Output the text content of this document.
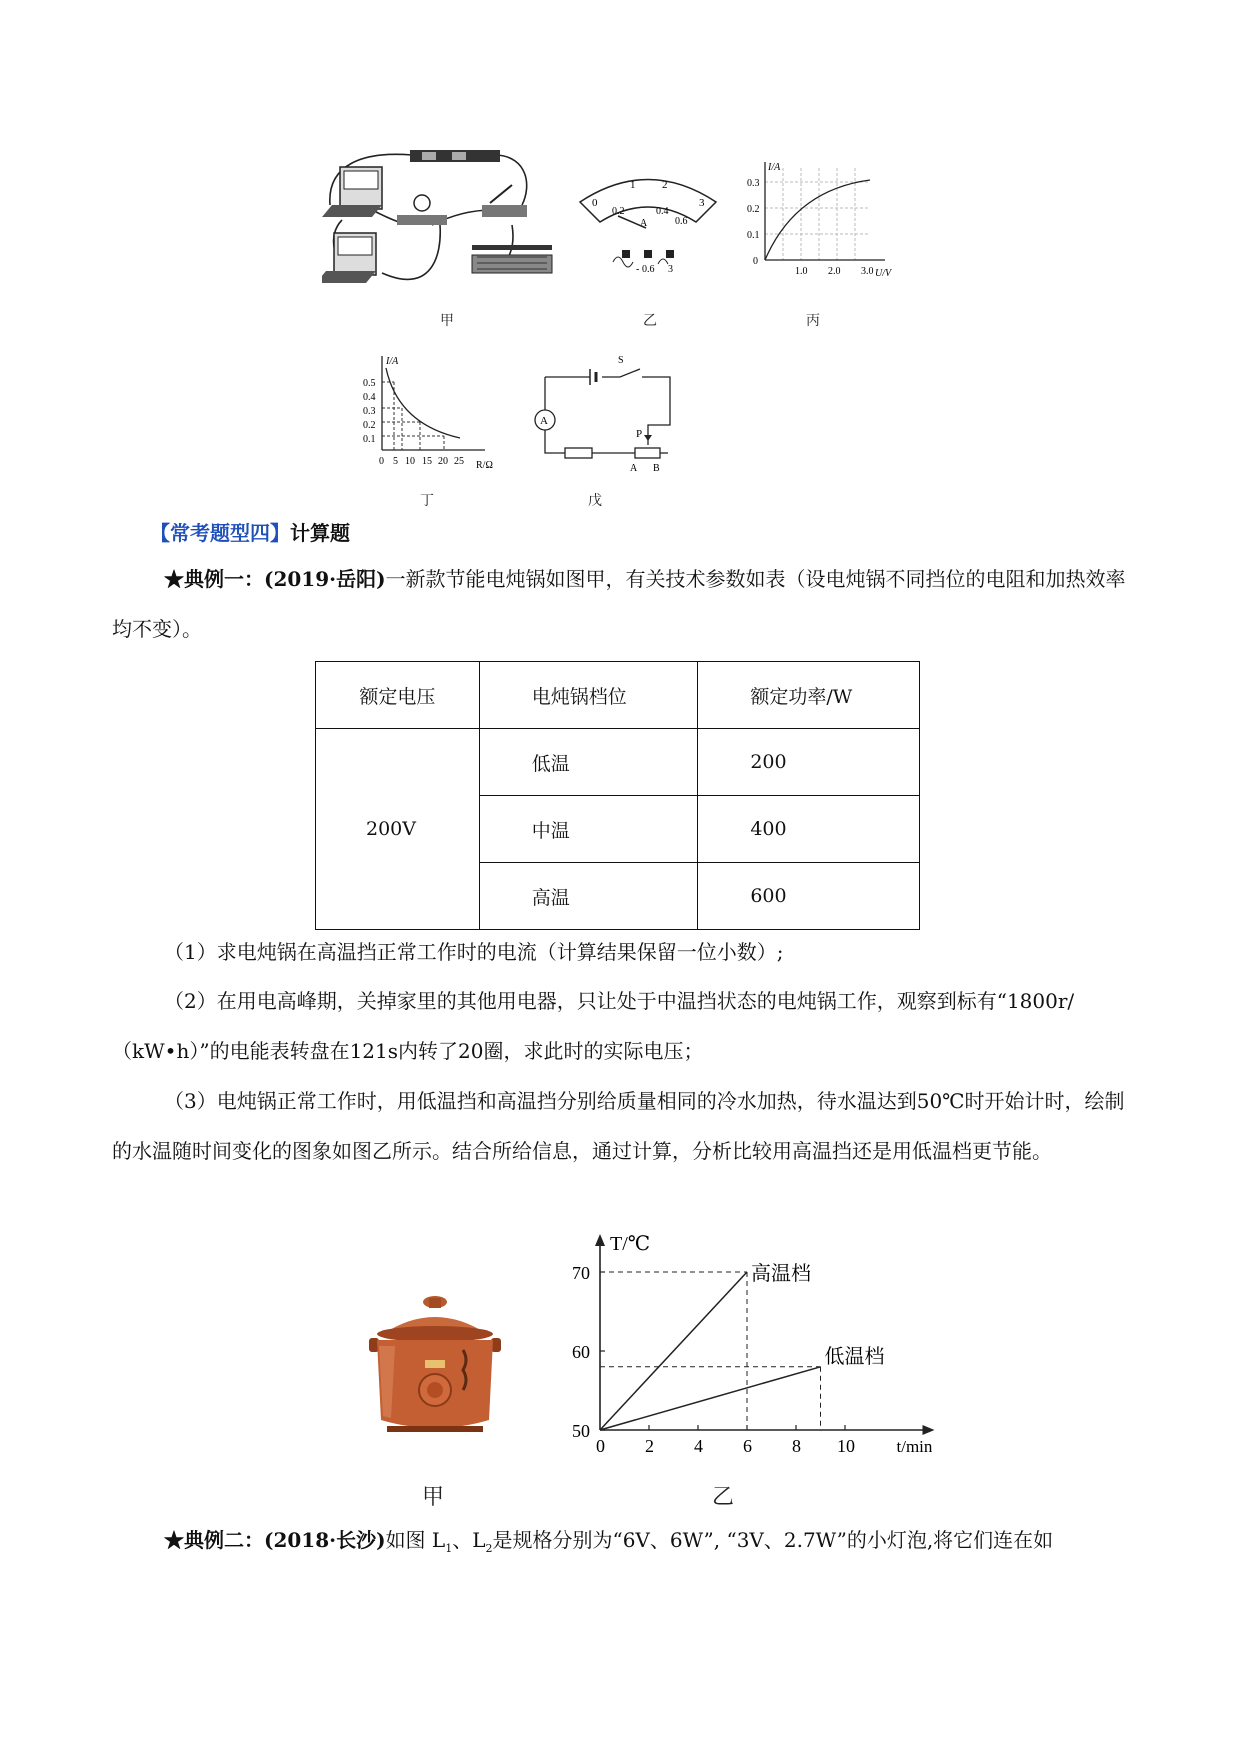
甲
0
1 2
3
0.2	0.4
0.6
A
- 0.6 3
乙
I/A
U/V
0.3
0.2
0.1
0
1.0 2.0 3.0
丙
I/A
R/Ω
0.5
0.4
0.3
0.2
0.1
0 5 10 15 20 25
丁
A
S
P
A B
戊
【常考题型四】计算题
★典例一：(2019·岳阳)一新款节能电炖锅如图甲，有关技术参数如表（设电炖锅不同挡位的电阻和加热效率均不变）。
额定电压	电炖锅档位	额定功率/W
200V	低温	200
	中温	400
	高温	600
（1）求电炖锅在高温挡正常工作时的电流（计算结果保留一位小数）;
（2）在用电高峰期，关掉家里的其他用电器，只让处于中温挡状态的电炖锅工作，观察到标有“1800r/（kW•h）”的电能表转盘在121s内转了20圈，求此时的实际电压；
（3）电炖锅正常工作时，用低温挡和高温挡分别给质量相同的冷水加热，待水温达到50℃时开始计时，绘制的水温随时间变化的图象如图乙所示。结合所给信息，通过计算，分析比较用高温挡还是用低温档更节能。
甲
0 2 4 6 8 10
50
60
70
t/min
T/℃
高温档
低温档
乙
★典例二：(2018·长沙)如图 $L_1$、$L_2$是规格分别为“6V、6W”, “3V、2.7W”的小灯泡,将它们连在如
